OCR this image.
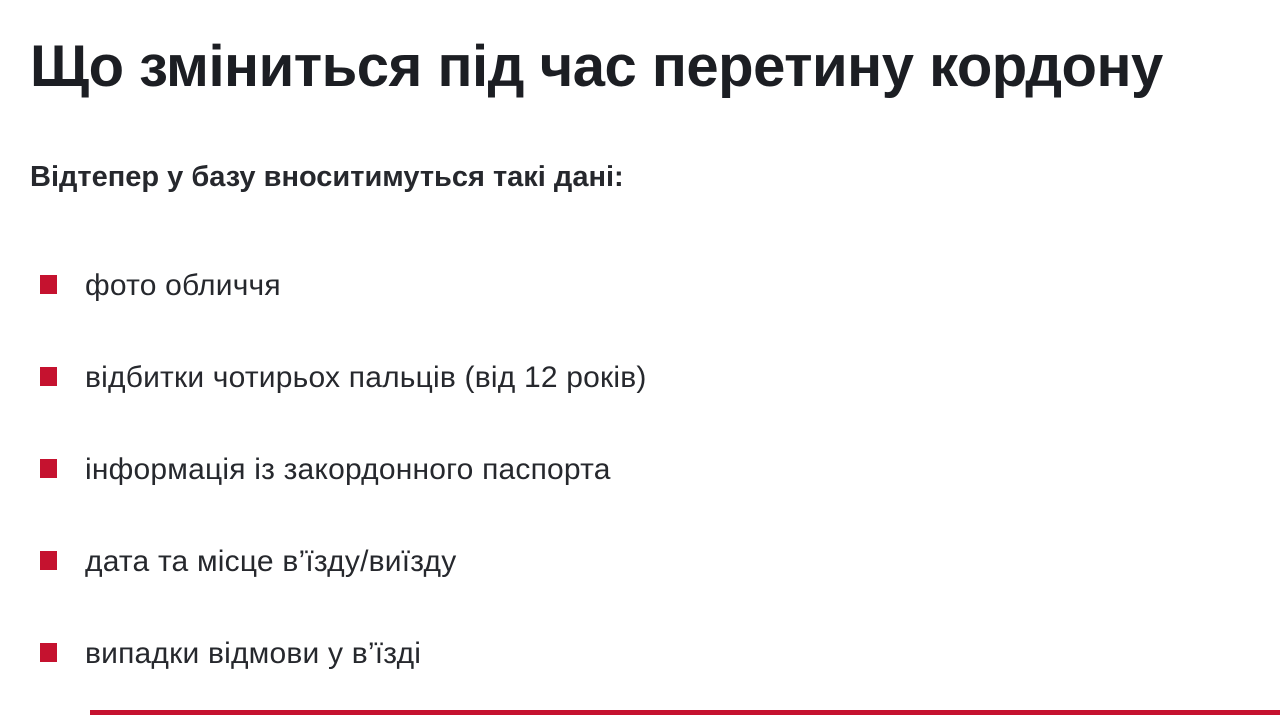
Що зміниться під час перетину кордону

Відтепер у базу вноситимуться такі дані:

фото обличчя
відбитки чотирьох пальців (від 12 років)
інформація із закордонного паспорта
дата та місце в’їзду/виїзду
випадки відмови у в’їзді
